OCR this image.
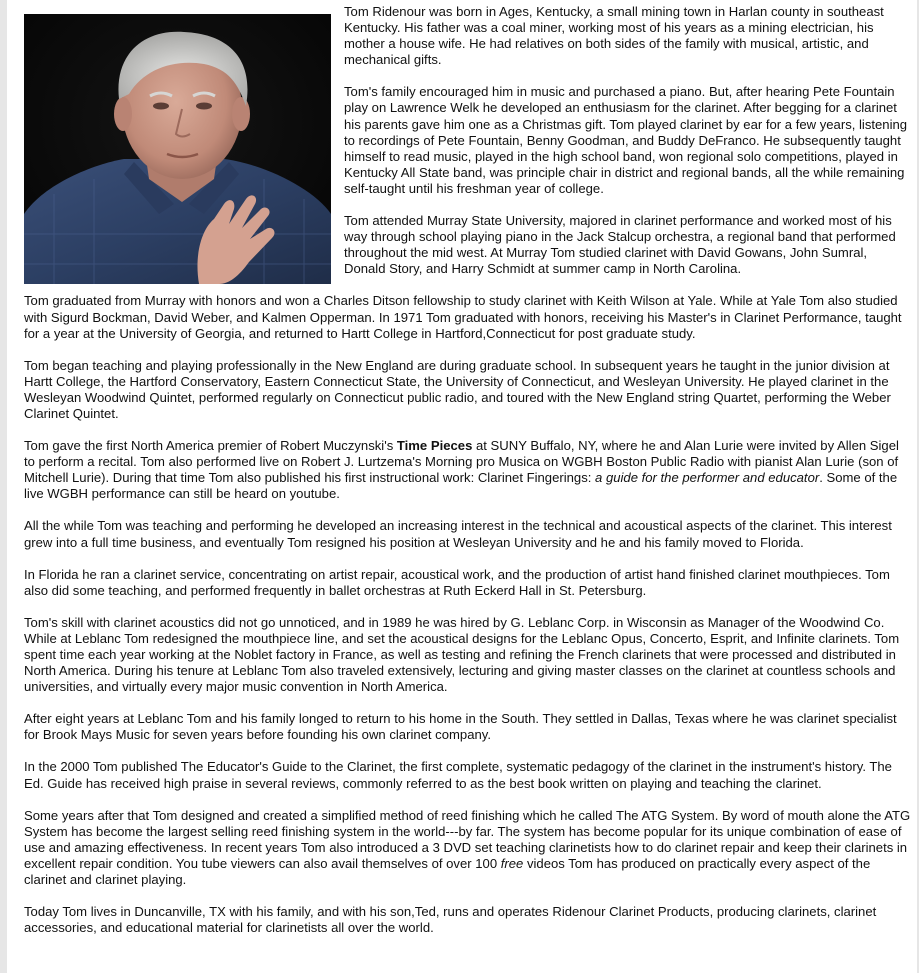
Tom Ridenour was born in Ages, Kentucky, a small mining town in Harlan county in southeast Kentucky. His father was a coal miner, working most of his years as a mining electrician, his mother a house wife. He had relatives on both sides of the family with musical, artistic, and mechanical gifts.

Tom's family encouraged him in music and purchased a piano. But, after hearing Pete Fountain play on Lawrence Welk he developed an enthusiasm for the clarinet. After begging for a clarinet his parents gave him one as a Christmas gift. Tom played clarinet by ear for a few years, listening to recordings of Pete Fountain, Benny Goodman, and Buddy DeFranco. He subsequently taught himself to read music, played in the high school band, won regional solo competitions, played in Kentucky All State band, was principle chair in district and regional bands, all the while remaining self-taught until his freshman year of college.

Tom attended Murray State University, majored in clarinet performance and worked most of his way through school playing piano in the Jack Stalcup orchestra, a regional band that performed throughout the mid west. At Murray Tom studied clarinet with David Gowans, John Sumral, Donald Story, and Harry Schmidt at summer camp in North Carolina.

Tom graduated from Murray with honors and won a Charles Ditson fellowship to study clarinet with Keith Wilson at Yale. While at Yale Tom also studied with Sigurd Bockman, David Weber, and Kalmen Opperman. In 1971 Tom graduated with honors, receiving his Master's in Clarinet Performance, taught for a year at the University of Georgia, and returned to Hartt College in Hartford,Connecticut for post graduate study.

Tom began teaching and playing professionally in the New England are during graduate school. In subsequent years he taught in the junior division at Hartt College, the Hartford Conservatory, Eastern Connecticut State, the University of Connecticut, and Wesleyan University. He played clarinet in the Wesleyan Woodwind Quintet, performed regularly on Connecticut public radio, and toured with the New England string Quartet, performing the Weber Clarinet Quintet.

Tom gave the first North America premier of Robert Muczynski's Time Pieces at SUNY Buffalo, NY, where he and Alan Lurie were invited by Allen Sigel to perform a recital. Tom also performed live on Robert J. Lurtzema's Morning pro Musica on WGBH Boston Public Radio with pianist Alan Lurie (son of Mitchell Lurie). During that time Tom also published his first instructional work: Clarinet Fingerings: a guide for the performer and educator. Some of the live WGBH performance can still be heard on youtube.

All the while Tom was teaching and performing he developed an increasing interest in the technical and acoustical aspects of the clarinet. This interest grew into a full time business, and eventually Tom resigned his position at Wesleyan University and he and his family moved to Florida.

In Florida he ran a clarinet service, concentrating on artist repair, acoustical work, and the production of artist hand finished clarinet mouthpieces. Tom also did some teaching, and performed frequently in ballet orchestras at Ruth Eckerd Hall in St. Petersburg.

Tom's skill with clarinet acoustics did not go unnoticed, and in 1989 he was hired by G. Leblanc Corp. in Wisconsin as Manager of the Woodwind Co. While at Leblanc Tom redesigned the mouthpiece line, and set the acoustical designs for the Leblanc Opus, Concerto, Esprit, and Infinite clarinets. Tom spent time each year working at the Noblet factory in France, as well as testing and refining the French clarinets that were processed and distributed in North America. During his tenure at Leblanc Tom also traveled extensively, lecturing and giving master classes on the clarinet at countless schools and universities, and virtually every major music convention in North America.

After eight years at Leblanc Tom and his family longed to return to his home in the South. They settled in Dallas, Texas where he was clarinet specialist for Brook Mays Music for seven years before founding his own clarinet company.

In the 2000 Tom published The Educator's Guide to the Clarinet, the first complete, systematic pedagogy of the clarinet in the instrument's history. The Ed. Guide has received high praise in several reviews, commonly referred to as the best book written on playing and teaching the clarinet.

Some years after that Tom designed and created a simplified method of reed finishing which he called The ATG System. By word of mouth alone the ATG System has become the largest selling reed finishing system in the world---by far. The system has become popular for its unique combination of ease of use and amazing effectiveness. In recent years Tom also introduced a 3 DVD set teaching clarinetists how to do clarinet repair and keep their clarinets in excellent repair condition. You tube viewers can also avail themselves of over 100 free videos Tom has produced on practically every aspect of the clarinet and clarinet playing.

Today Tom lives in Duncanville, TX with his family, and with his son,Ted, runs and operates Ridenour Clarinet Products, producing clarinets, clarinet accessories, and educational material for clarinetists all over the world.
